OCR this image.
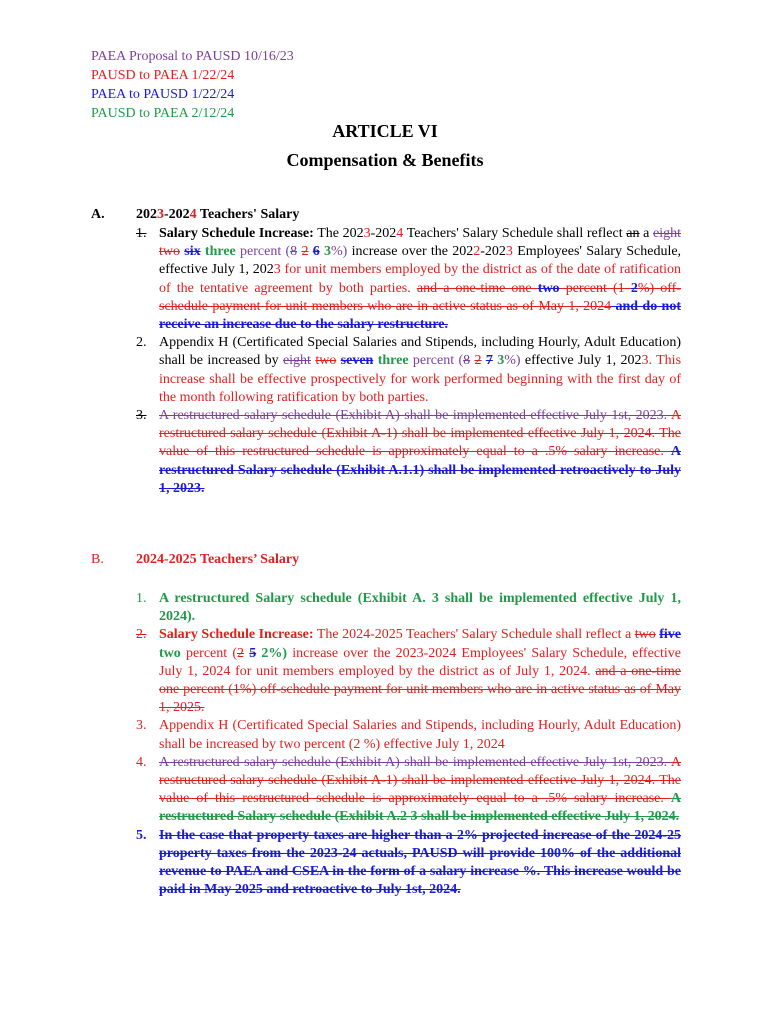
PAEA Proposal to PAUSD 10/16/23
PAUSD to PAEA 1/22/24
PAEA to PAUSD 1/22/24
PAUSD to PAEA 2/12/24
ARTICLE VI
Compensation & Benefits
A. 2023-2024 Teachers' Salary
1. Salary Schedule Increase: The 2023-2024 Teachers' Salary Schedule shall reflect an a eight two six three percent (8 2 6 3%) increase over the 2022-2023 Employees' Salary Schedule, effective July 1, 2023 for unit members employed by the district as of the date of ratification of the tentative agreement by both parties. and a one-time one two percent (1 2%) off-schedule payment for unit members who are in active status as of May 1, 2024 and do not receive an increase due to the salary restructure.
2. Appendix H (Certificated Special Salaries and Stipends, including Hourly, Adult Education) shall be increased by eight two seven three percent (8 2 7 3%) effective July 1, 2023. This increase shall be effective prospectively for work performed beginning with the first day of the month following ratification by both parties.
3. A restructured salary schedule (Exhibit A) shall be implemented effective July 1st, 2023. A restructured salary schedule (Exhibit A-1) shall be implemented effective July 1, 2024. The value of this restructured schedule is approximately equal to a .5% salary increase. A restructured Salary schedule (Exhibit A.1.1) shall be implemented retroactively to July 1, 2023.
B. 2024-2025 Teachers’ Salary
1. A restructured Salary schedule (Exhibit A. 3 shall be implemented effective July 1, 2024).
2. Salary Schedule Increase: The 2024-2025 Teachers' Salary Schedule shall reflect a two five two percent (2 5 2%) increase over the 2023-2024 Employees' Salary Schedule, effective July 1, 2024 for unit members employed by the district as of July 1, 2024. and a one-time one percent (1%) off-schedule payment for unit members who are in active status as of May 1, 2025.
3. Appendix H (Certificated Special Salaries and Stipends, including Hourly, Adult Education) shall be increased by two percent (2 %) effective July 1, 2024
4. A restructured salary schedule (Exhibit A) shall be implemented effective July 1st, 2023. A restructured salary schedule (Exhibit A-1) shall be implemented effective July 1, 2024. The value of this restructured schedule is approximately equal to a .5% salary increase. A restructured Salary schedule (Exhibit A.2 3 shall be implemented effective July 1, 2024.
5. In the case that property taxes are higher than a 2% projected increase of the 2024-25 property taxes from the 2023-24 actuals, PAUSD will provide 100% of the additional revenue to PAEA and CSEA in the form of a salary increase %. This increase would be paid in May 2025 and retroactive to July 1st, 2024.
